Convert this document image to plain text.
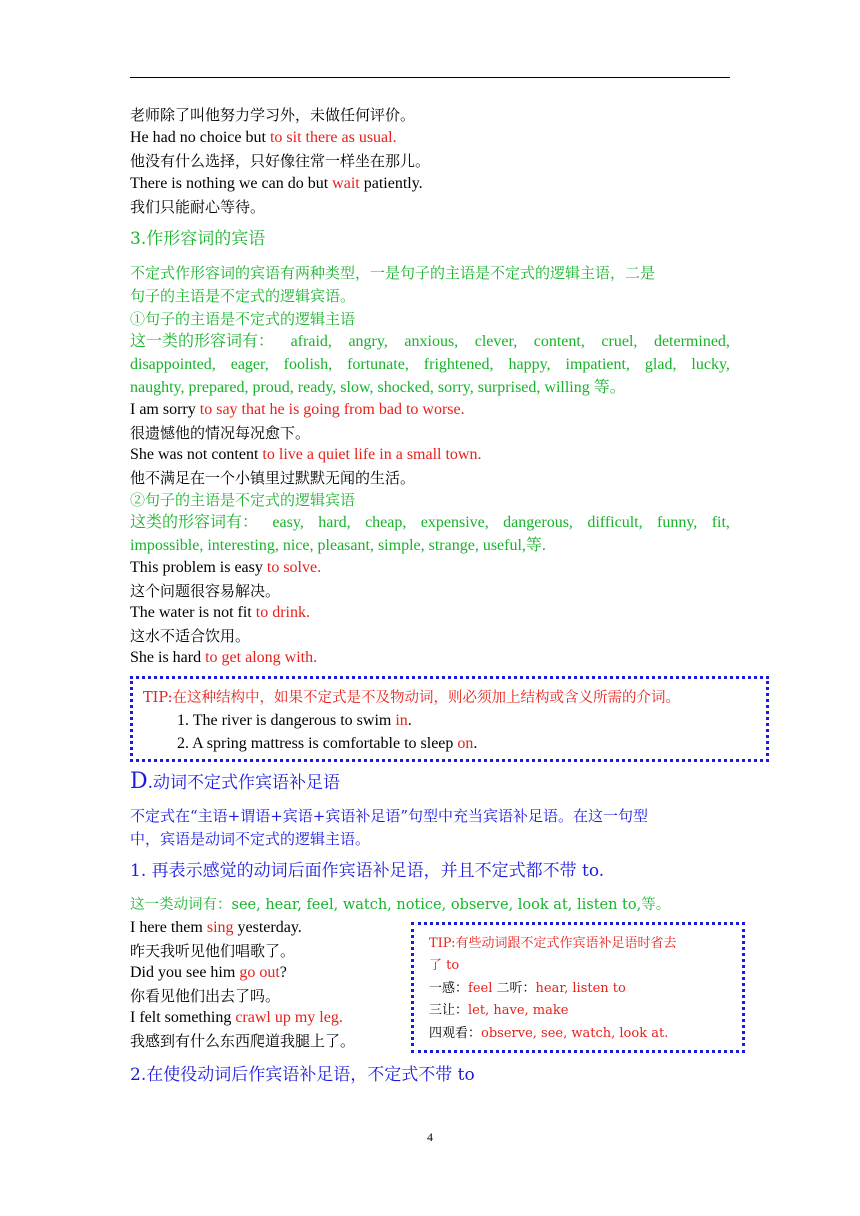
老师除了叫他努力学习外，未做任何评价。
He had no choice but to sit there as usual.
他没有什么选择，只好像往常一样坐在那儿。
There is nothing we can do but wait patiently.
我们只能耐心等待。
3.作形容词的宾语
不定式作形容词的宾语有两种类型，一是句子的主语是不定式的逻辑主语，二是
句子的主语是不定式的逻辑宾语。
①句子的主语是不定式的逻辑主语
这一类的形容词有： afraid, angry, anxious, clever, content, cruel, determined,
disappointed, eager, foolish, fortunate, frightened, happy, impatient, glad, lucky,
naughty, prepared, proud, ready, slow, shocked, sorry, surprised, willing 等。
I am sorry to say that he is going from bad to worse.
很遗憾他的情况每况愈下。
She was not content to live a quiet life in a small town.
他不满足在一个小镇里过默默无闻的生活。
②句子的主语是不定式的逻辑宾语
这类的形容词有： easy, hard, cheap, expensive, dangerous, difficult, funny, fit,
impossible, interesting, nice, pleasant, simple, strange, useful,等.
This problem is easy to solve.
这个问题很容易解决。
The water is not fit to drink.
这水不适合饮用。
She is hard to get along with.
TIP:在这种结构中，如果不定式是不及物动词，则必须加上结构或含义所需的介词。
1. The river is dangerous to swim in.
2. A spring mattress is comfortable to sleep on.
D.动词不定式作宾语补足语
不定式在“主语+谓语+宾语+宾语补足语”句型中充当宾语补足语。在这一句型
中，宾语是动词不定式的逻辑主语。
1. 再表示感觉的动词后面作宾语补足语，并且不定式都不带 to.
这一类动词有：see, hear, feel, watch, notice, observe, look at, listen to,等。
I here them sing yesterday.
昨天我听见他们唱歌了。
Did you see him go out?
你看见他们出去了吗。
I felt something crawl up my leg.
我感到有什么东西爬道我腿上了。
TIP:有些动词跟不定式作宾语补足语时省去
了 to
一感：feel 二听：hear, listen to
三让：let, have, make
四观看：observe, see, watch, look at.
2.在使役动词后作宾语补足语，不定式不带 to
4
